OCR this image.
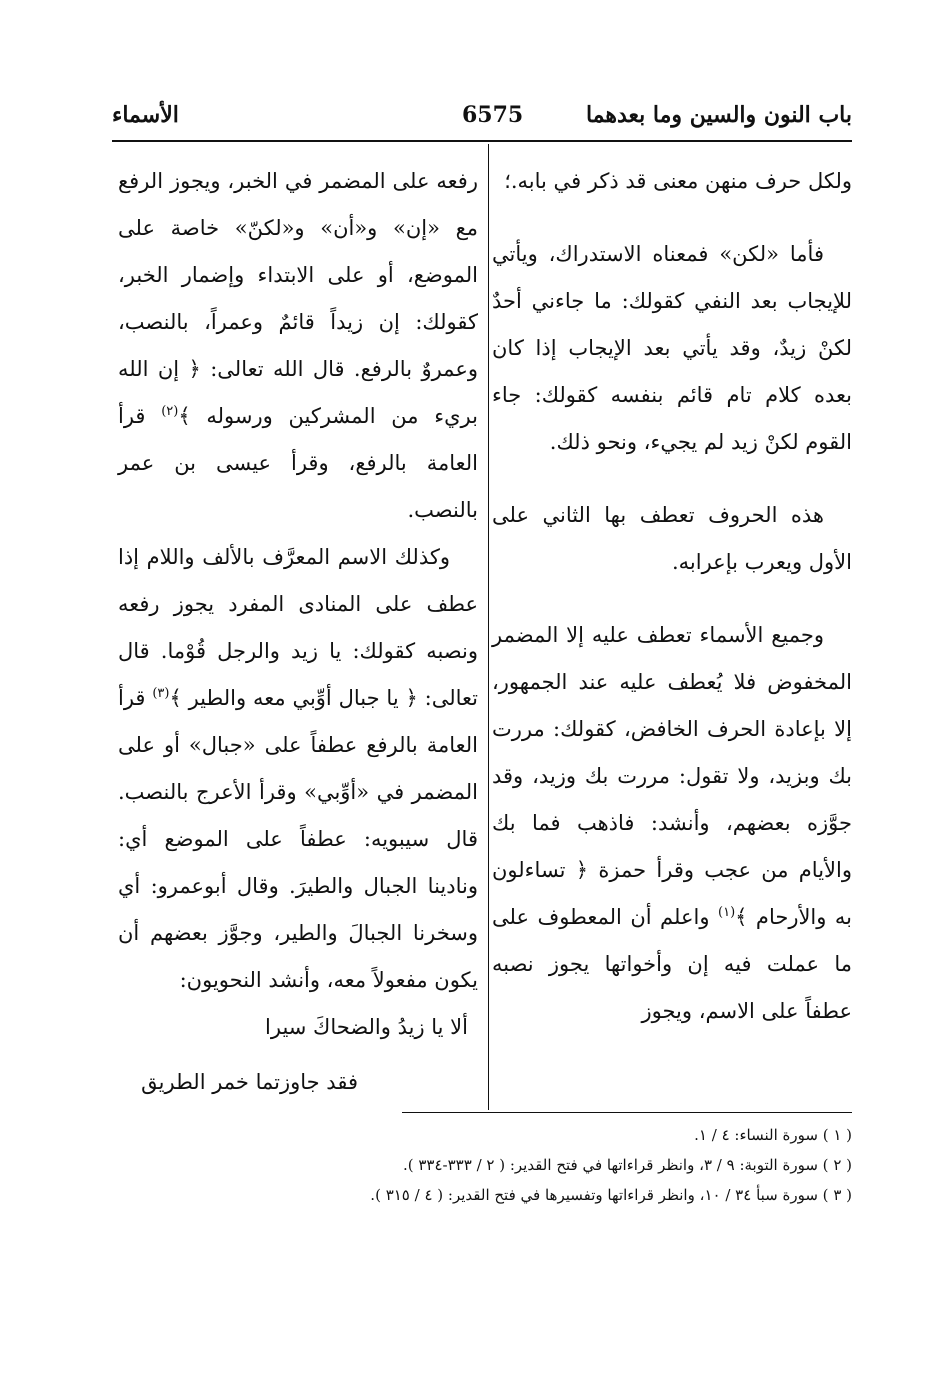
باب النون والسين وما بعدهما
6575
الأسماء

ولكل حرف منهن معنى قد ذكر في بابه.؛

فأما «لكن» فمعناه الاستدراك، ويأتي للإيجاب بعد النفي كقولك: ما جاءني أحدٌ لكنْ زيدٌ، وقد يأتي بعد الإيجاب إذا كان بعده كلام تام قائم بنفسه كقولك: جاء القوم لكنْ زيد لم يجيء، ونحو ذلك.

هذه الحروف تعطف بها الثاني على الأول ويعرب بإعرابه.

وجميع الأسماء تعطف عليه إلا المضمر المخفوض فلا يُعطف عليه عند الجمهور، إلا بإعادة الحرف الخافض، كقولك: مررت بك وبزيد، ولا تقول: مررت بك وزيد، وقد جوَّزه بعضهم، وأنشد: فاذهب فما بك والأيام من عجب وقرأ حمزة ﴿ تساءلون به والأرحام ﴾$^{(١)}$ واعلم أن المعطوف على ما عملت فيه إن وأخواتها يجوز نصبه عطفاً على الاسم، ويجوز

رفعه على المضمر في الخبر، ويجوز الرفع مع «إن» و«أن» و«لكنّ» خاصة على الموضع، أو على الابتداء وإضمار الخبر، كقولك: إن زيداً قائمٌ وعمراً، بالنصب، وعمروٌ بالرفع. قال الله تعالى: ﴿ إن الله بريء من المشركين ورسوله ﴾$^{(٢)}$ قرأ العامة بالرفع، وقرأ عيسى بن عمر بالنصب.

وكذلك الاسم المعرَّف بالألف واللام إذا عطف على المنادى المفرد يجوز رفعه ونصبه كقولك: يا زيد والرجل قُوْما. قال تعالى: ﴿ يا جبال أوِّبي معه والطير ﴾$^{(٣)}$ قرأ العامة بالرفع عطفاً على «جبال» أو على المضمر في «أوِّبي» وقرأ الأعرج بالنصب. قال سيبويه: عطفاً على الموضع أي: ونادينا الجبال والطيرَ. وقال أبوعمرو: أي وسخرنا الجبالَ والطير، وجوَّز بعضهم أن يكون مفعولاً معه، وأنشد النحويون:

ألا يا زيدُ والضحاكَ سيرا
فقد جاوزتما خمر الطريق

( ١ ) سورة النساء: ٤ / ١.

( ٢ ) سورة التوبة: ٩ / ٣، وانظر قراءاتها في فتح القدير: ( ٢ / ٣٣٣-٣٣٤ ).

( ٣ ) سورة سبأ ٣٤ / ١٠، وانظر قراءاتها وتفسيرها في فتح القدير: ( ٤ / ٣١٥ ).
